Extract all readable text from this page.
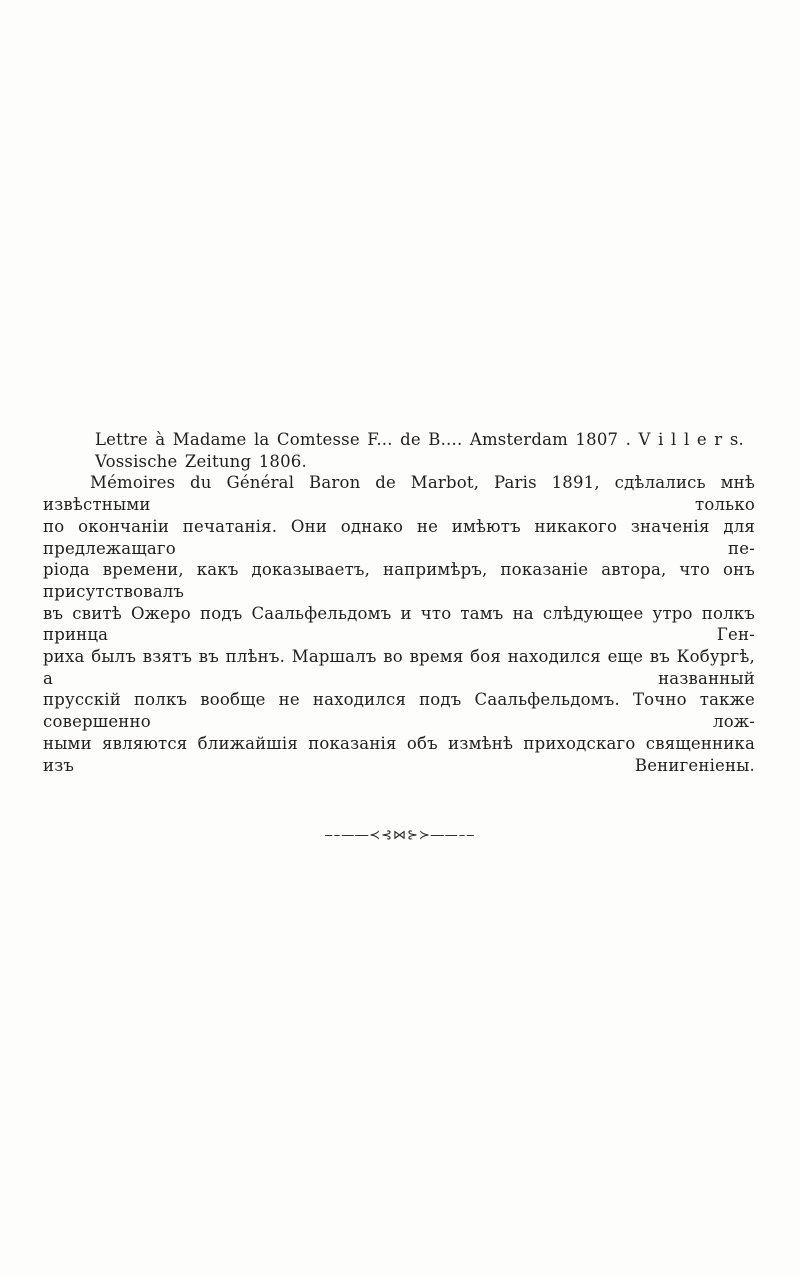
Lettre à Madame la Comtesse F... de B.... Amsterdam 1807 . V i l l e r s.
Vossische Zeitung 1806.
Mémoires du Général Baron de Marbot, Paris 1891, сдѣлались мнѣ извѣстными только
по окончаніи печатанія. Они однако не имѣютъ никакого значенія для предлежащаго пе-
ріода времени, какъ доказываетъ, напримѣръ, показаніе автора, что онъ присутствовалъ
въ свитѣ Ожеро подъ Саальфельдомъ и что тамъ на слѣдующее утро полкъ принца Ген-
риха былъ взятъ въ плѣнъ. Маршалъ во время боя находился еще въ Кобургѣ, а названный
прусскій полкъ вообще не находился подъ Саальфельдомъ. Точно также совершенно лож-
ными являются ближайшія показанія объ измѣнѣ приходскаго священника изъ Венигеніены.
‒–—―≺⊰⋈⊱≻―—–‒
